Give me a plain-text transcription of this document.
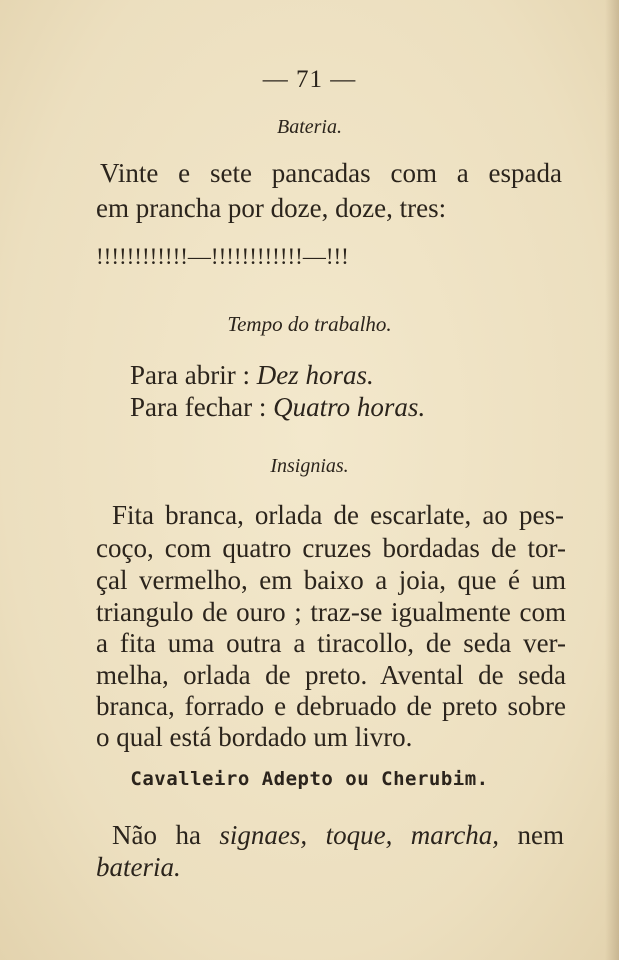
— 71 —
Bateria.
Vinte e sete pancadas com a espada
em prancha por doze, doze, tres:
!!!!!!!!!!!!—!!!!!!!!!!!!—!!!
Tempo do trabalho.
Para abrir : Dez horas.
Para fechar : Quatro horas.
Insignias.
Fita branca, orlada de escarlate, ao pes-
coço, com quatro cruzes bordadas de tor-
çal vermelho, em baixo a joia, que é um
triangulo de ouro ; traz-se igualmente com
a fita uma outra a tiracollo, de seda ver-
melha, orlada de preto. Avental de seda
branca, forrado e debruado de preto sobre
o qual está bordado um livro.
Cavalleiro Adepto ou Cherubim.
Não ha signaes, toque, marcha, nem
bateria.
